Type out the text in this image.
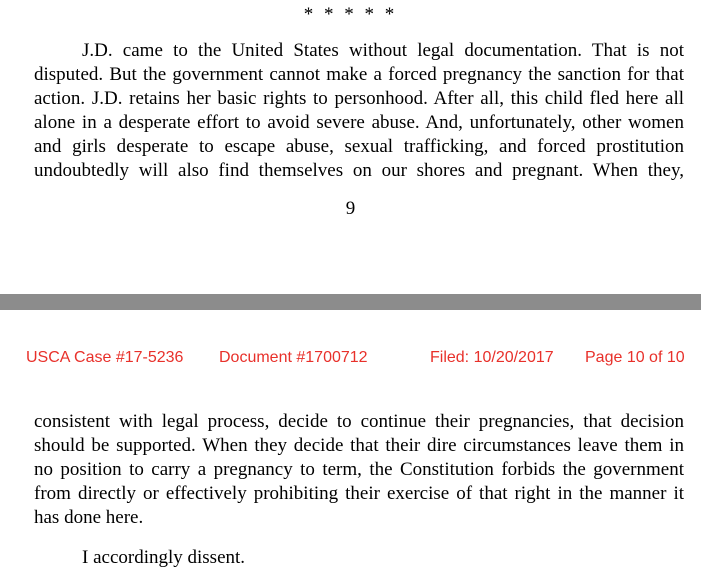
* * * * *
J.D. came to the United States without legal documentation. That is not
disputed. But the government cannot make a forced pregnancy the sanction for that
action. J.D. retains her basic rights to personhood. After all, this child fled here all
alone in a desperate effort to avoid severe abuse. And, unfortunately, other women
and girls desperate to escape abuse, sexual trafficking, and forced prostitution
undoubtedly will also find themselves on our shores and pregnant. When they,
9
USCA Case #17-5236 Document #1700712	Filed: 10/20/2017 Page 10 of 10
consistent with legal process, decide to continue their pregnancies, that decision
should be supported. When they decide that their dire circumstances leave them in
no position to carry a pregnancy to term, the Constitution forbids the government
from directly or effectively prohibiting their exercise of that right in the manner it
has done here.
I accordingly dissent.
